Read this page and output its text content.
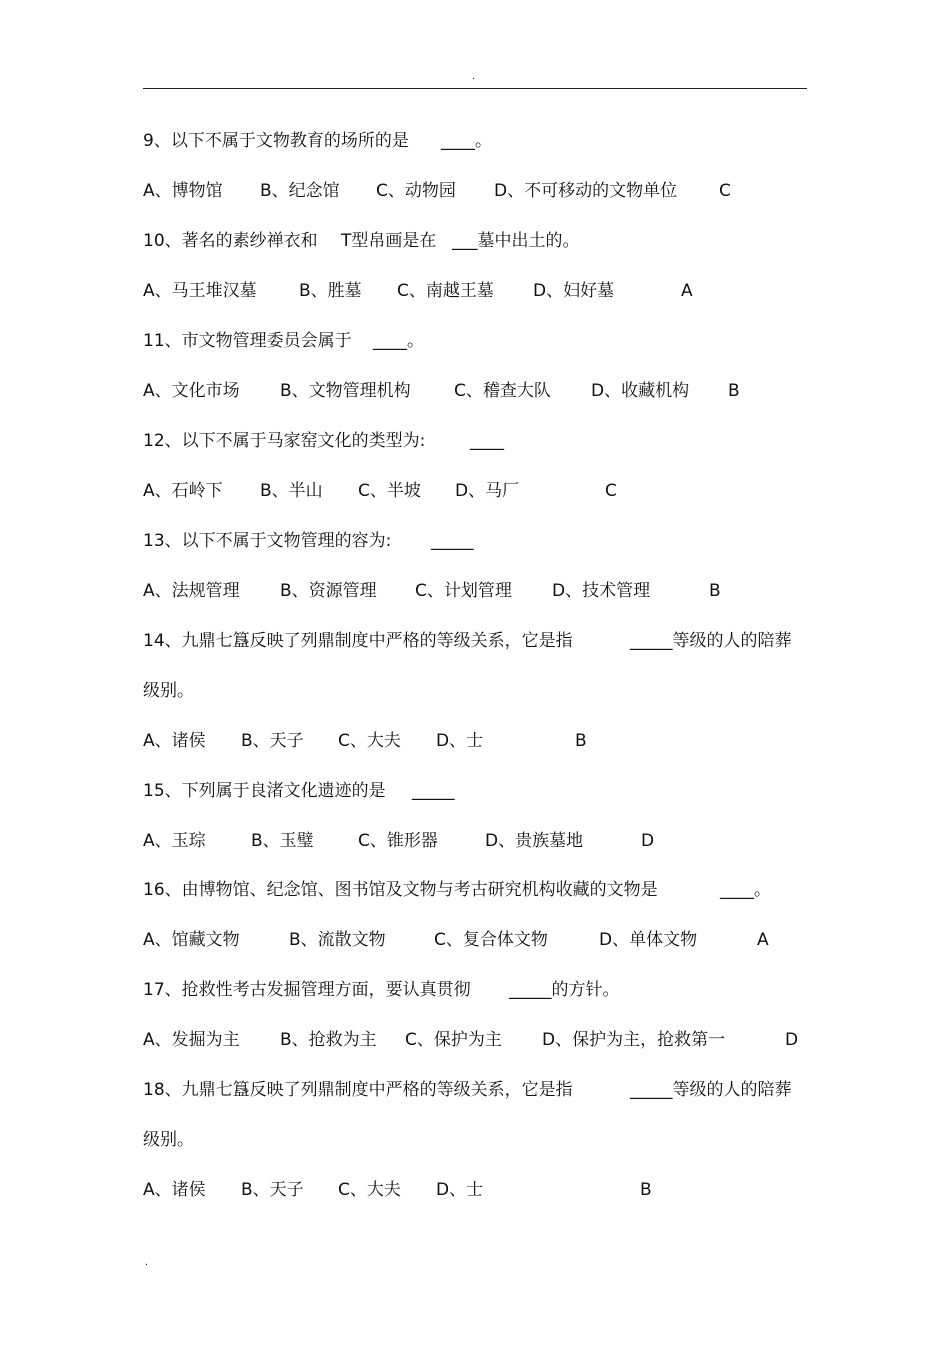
.

9、以下不属于文物教育的场所的是

____。

A、博物馆

B、纪念馆

C、动物园

D、不可移动的文物单位

C

10、著名的素纱禅衣和

T型帛画是在

___墓中出土的。

A、马王堆汉墓

B、胜墓

C、南越王墓

D、妇好墓

	A

11、市文物管理委员会属于

____。

A、文化市场

B、文物管理机构

	C、稽查大队

D、收藏机构

B

12、以下不属于马家窑文化的类型为:

	____

A、石岭下

B、半山

C、半坡

D、马厂

	C

13、以下不属于文物管理的容为:

_____

A、法规管理

B、资源管理

C、计划管理

D、技术管理

	B

14、九鼎七簋反映了列鼎制度中严格的等级关系，它是指

	_____等级的人的陪葬

级别。

A、诸侯

B、天子

C、大夫

D、士

	B

15、下列属于良渚文化遗迹的是

_____

A、玉琮

	B、玉璧

	C、锥形器

	D、贵族墓地

	D

16、由博物馆、纪念馆、图书馆及文物与考古研究机构收藏的文物是

	____。

A、馆藏文物

	B、流散文物

	C、复合体文物

	D、单体文物

	A

17、抢救性考古发掘管理方面，要认真贯彻

_____的方针。

A、发掘为主

B、抢救为主

C、保护为主

D、保护为主，抢救第一

	D

18、九鼎七簋反映了列鼎制度中严格的等级关系，它是指

	_____等级的人的陪葬

级别。

A、诸侯

B、天子

C、大夫

D、士

	B

.
